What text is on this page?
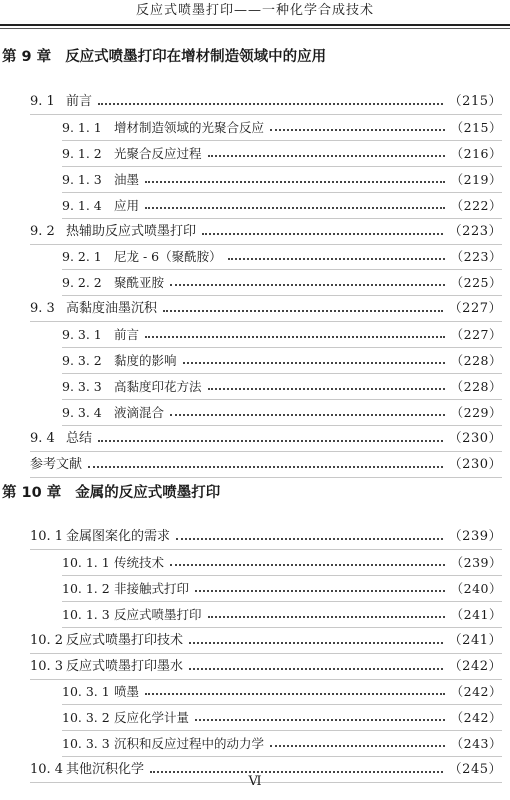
反应式喷墨打印——一种化学合成技术
第 9 章 反应式喷墨打印在增材制造领域中的应用
9. 1 前言	（215）
9. 1. 1 增材制造领域的光聚合反应	（215）
9. 1. 2 光聚合反应过程	（216）
9. 1. 3 油墨	（219）
9. 1. 4 应用	（222）
9. 2 热辅助反应式喷墨打印	（223）
9. 2. 1 尼龙 - 6（聚酰胺）	（223）
9. 2. 2 聚酰亚胺	（225）
9. 3 高黏度油墨沉积	（227）
9. 3. 1 前言	（227）
9. 3. 2 黏度的影响	（228）
9. 3. 3 高黏度印花方法	（228）
9. 3. 4 液滴混合	（229）
9. 4 总结	（230）
参考文献	（230）
第 10 章 金属的反应式喷墨打印
10. 1 金属图案化的需求	（239）
10. 1. 1 传统技术	（239）
10. 1. 2 非接触式打印	（240）
10. 1. 3 反应式喷墨打印	（241）
10. 2 反应式喷墨打印技术	（241）
10. 3 反应式喷墨打印墨水	（242）
10. 3. 1 喷墨	（242）
10. 3. 2 反应化学计量	（242）
10. 3. 3 沉积和反应过程中的动力学	（243）
10. 4 其他沉积化学	（245）
Ⅵ
